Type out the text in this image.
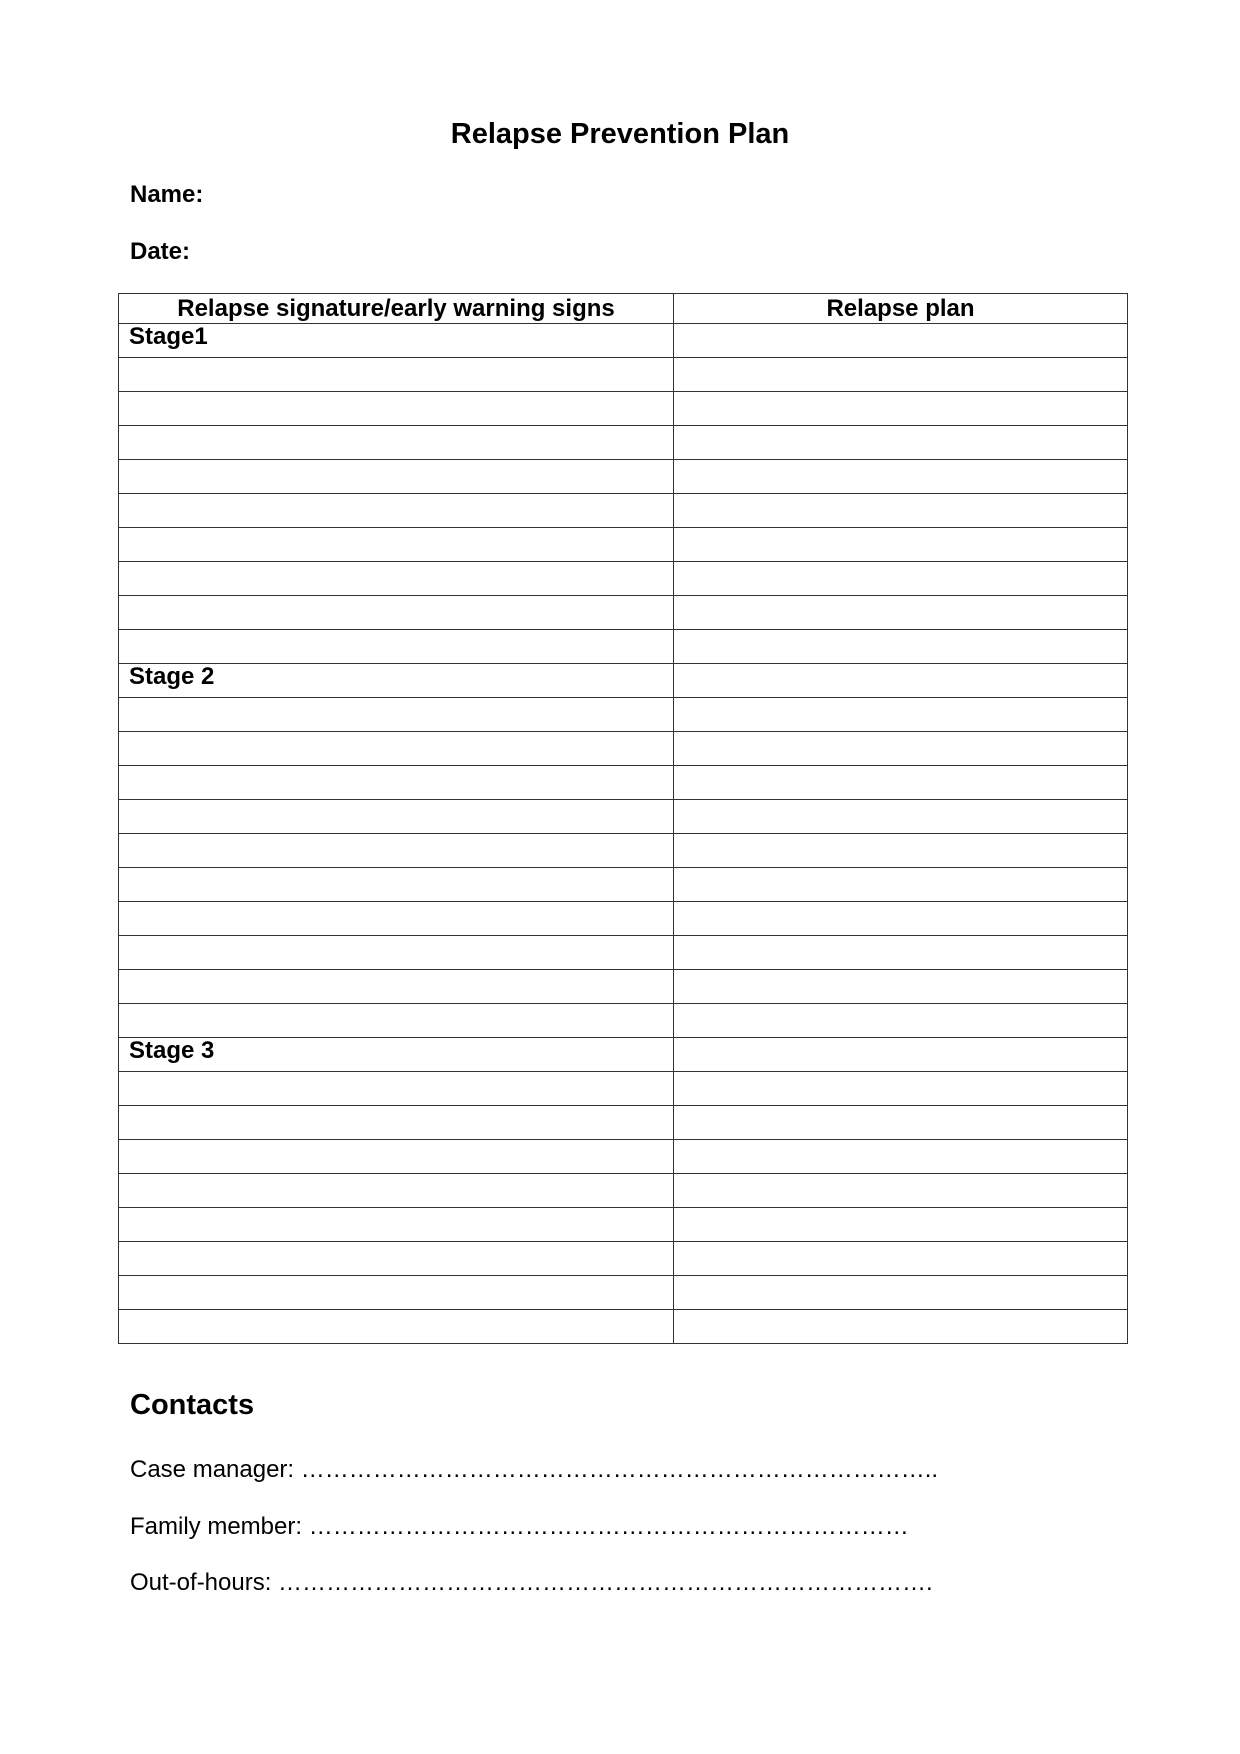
Relapse Prevention Plan
Name:
Date:
Relapse signature/early warning signs	Relapse plan
Stage1	

Stage 2	

Stage 3	

Contacts
Case manager: ……………………………………………………………………..
Family member: …………………………………………………………………
Out-of-hours: ……………………………………………………………………….
